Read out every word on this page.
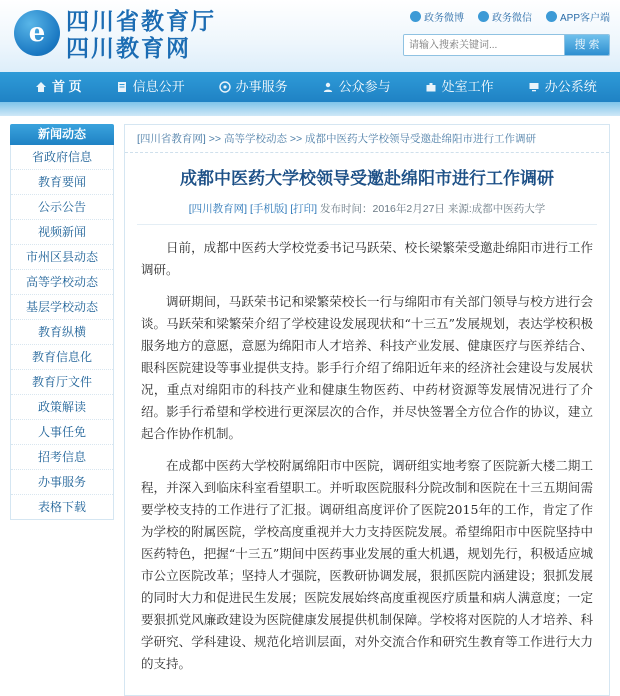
e 四川省教育厅
四川教育网
政务微博	政务微信	APP客户端
请输入搜索关键词...
搜 索
首 页	信息公开	办事服务	公众参与	处室工作	办公系统
新闻动态
省政府信息
教育要闻
公示公告
视频新闻
市州区县动态
高等学校动态
基层学校动态
教育纵横
教育信息化
教育厅文件
政策解读
人事任免
招考信息
办事服务
表格下载
[四川省教育网] >> 高等学校动态 >> 成都中医药大学校领导受邀赴绵阳市进行工作调研
成都中医药大学校领导受邀赴绵阳市进行工作调研
[四川教育网] [手机版] [打印] 发布时间：2016年2月27日 来源:成都中医药大学

日前，成都中医药大学校党委书记马跃荣、校长梁繁荣受邀赴绵阳市进行工作调研。

调研期间，马跃荣书记和梁繁荣校长一行与绵阳市有关部门领导与校方进行会谈。马跃荣和梁繁荣介绍了学校建设发展现状和“十三五”发展规划，表达学校积极服务地方的意愿，意愿为绵阳市人才培养、科技产业发展、健康医疗与医养结合、眼科医院建设等事业提供支持。影手行介绍了绵阳近年来的经济社会建设与发展状况，重点对绵阳市的科技产业和健康生物医药、中药材资源等发展情况进行了介绍。影手行希望和学校进行更深层次的合作，并尽快签署全方位合作的协议，建立起合作协作机制。

在成都中医药大学校附属绵阳市中医院，调研组实地考察了医院新大楼二期工程，并深入到临床科室看望职工。并听取医院服科分院改制和医院在十三五期间需要学校支持的工作进行了汇报。调研组高度评价了医院2015年的工作，肯定了作为学校的附属医院，学校高度重视并大力支持医院发展。希望绵阳市中医院坚持中医药特色，把握“十三五”期间中医药事业发展的重大机遇，规划先行，积极适应城市公立医院改革；坚持人才强院，医教研协调发展，狠抓医院内涵建设；狠抓发展的同时大力和促进民生发展；医院发展始终高度重视医疗质量和病人满意度；一定要狠抓党风廉政建设为医院健康发展提供机制保障。学校将对医院的人才培养、科学研究、学科建设、规范化培训层面，对外交流合作和研究生教育等工作进行大力的支持。
